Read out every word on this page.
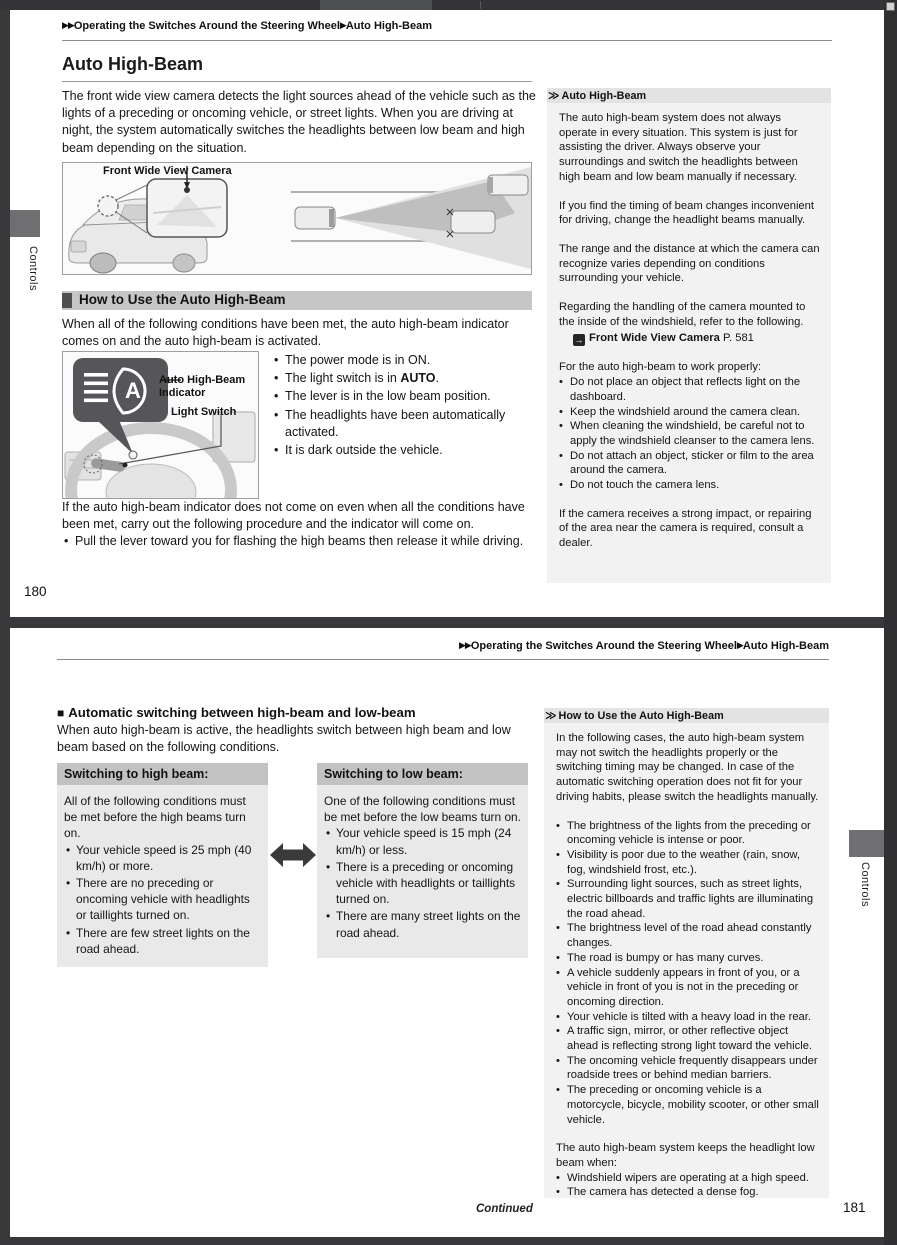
▶▶Operating the Switches Around the Steering Wheel▶Auto High-Beam
Auto High-Beam
The front wide view camera detects the light sources ahead of the vehicle such as the lights of a preceding or oncoming vehicle, or street lights. When you are driving at night, the system automatically switches the headlights between low beam and high beam depending on the situation.
Front Wide View Camera
How to Use the Auto High-Beam
When all of the following conditions have been met, the auto high-beam indicator comes on and the auto high-beam is activated.
A Auto High-Beam Indicator
Light Switch
• The power mode is in ON.
• The light switch is in AUTO.
• The lever is in the low beam position.
• The headlights have been automatically activated.
• It is dark outside the vehicle.
If the auto high-beam indicator does not come on even when all the conditions have been met, carry out the following procedure and the indicator will come on.
• Pull the lever toward you for flashing the high beams then release it while driving.
≫ Auto High-Beam

The auto high-beam system does not always operate in every situation. This system is just for assisting the driver. Always observe your surroundings and switch the headlights between high beam and low beam manually if necessary.

If you find the timing of beam changes inconvenient for driving, change the headlight beams manually.

The range and the distance at which the camera can recognize varies depending on conditions surrounding your vehicle.

Regarding the handling of the camera mounted to the inside of the windshield, refer to the following.

→ Front Wide View Camera P. 581

For the auto high-beam to work properly:

• Do not place an object that reflects light on the dashboard.
• Keep the windshield around the camera clean.
• When cleaning the windshield, be careful not to apply the windshield cleanser to the camera lens.
• Do not attach an object, sticker or film to the area around the camera.
• Do not touch the camera lens.

If the camera receives a strong impact, or repairing of the area near the camera is required, consult a dealer.

Controls
180
▶▶Operating the Switches Around the Steering Wheel▶Auto High-Beam
■ Automatic switching between high-beam and low-beam
When auto high-beam is active, the headlights switch between high beam and low beam based on the following conditions.
Switching to high beam:
All of the following conditions must be met before the high beams turn on.
• Your vehicle speed is 25 mph (40 km/h) or more.
• There are no preceding or oncoming vehicle with headlights or taillights turned on.
• There are few street lights on the road ahead.
Switching to low beam:
One of the following conditions must be met before the low beams turn on.
• Your vehicle speed is 15 mph (24 km/h) or less.
• There is a preceding or oncoming vehicle with headlights or taillights turned on.
• There are many street lights on the road ahead.
≫ How to Use the Auto High-Beam

In the following cases, the auto high-beam system may not switch the headlights properly or the switching timing may be changed. In case of the automatic switching operation does not fit for your driving habits, please switch the headlights manually.

• The brightness of the lights from the preceding or oncoming vehicle is intense or poor.
• Visibility is poor due to the weather (rain, snow, fog, windshield frost, etc.).
• Surrounding light sources, such as street lights, electric billboards and traffic lights are illuminating the road ahead.
• The brightness level of the road ahead constantly changes.
• The road is bumpy or has many curves.
• A vehicle suddenly appears in front of you, or a vehicle in front of you is not in the preceding or oncoming direction.
• Your vehicle is tilted with a heavy load in the rear.
• A traffic sign, mirror, or other reflective object ahead is reflecting strong light toward the vehicle.
• The oncoming vehicle frequently disappears under roadside trees or behind median barriers.
• The preceding or oncoming vehicle is a motorcycle, bicycle, mobility scooter, or other small vehicle.

The auto high-beam system keeps the headlight low beam when:

• Windshield wipers are operating at a high speed.
• The camera has detected a dense fog.
Controls
Continued	181
